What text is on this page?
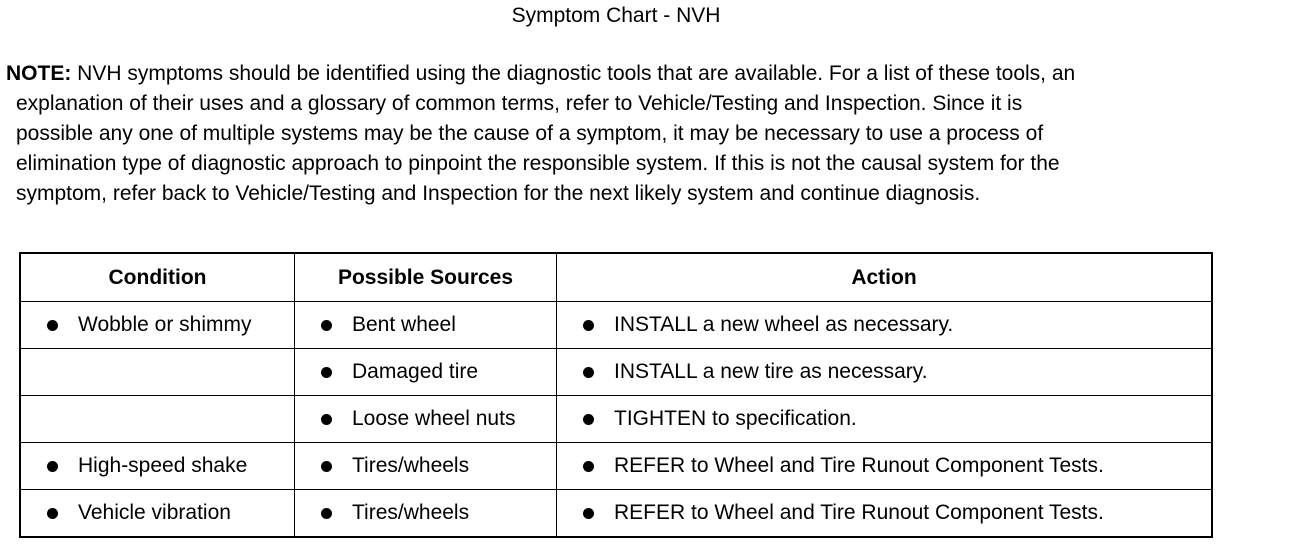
Symptom Chart - NVH
NOTE: NVH symptoms should be identified using the diagnostic tools that are available. For a list of these tools, an
explanation of their uses and a glossary of common terms, refer to Vehicle/Testing and Inspection. Since it is
possible any one of multiple systems may be the cause of a symptom, it may be necessary to use a process of
elimination type of diagnostic approach to pinpoint the responsible system. If this is not the causal system for the
symptom, refer back to Vehicle/Testing and Inspection for the next likely system and continue diagnosis.
Condition	Possible Sources	Action

Wobble or shimmy	Bent wheel	INSTALL a new wheel as necessary.

	Damaged tire	INSTALL a new tire as necessary.

	Loose wheel nuts	TIGHTEN to specification.

High-speed shake	Tires/wheels	REFER to Wheel and Tire Runout Component Tests.

Vehicle vibration	Tires/wheels	REFER to Wheel and Tire Runout Component Tests.
